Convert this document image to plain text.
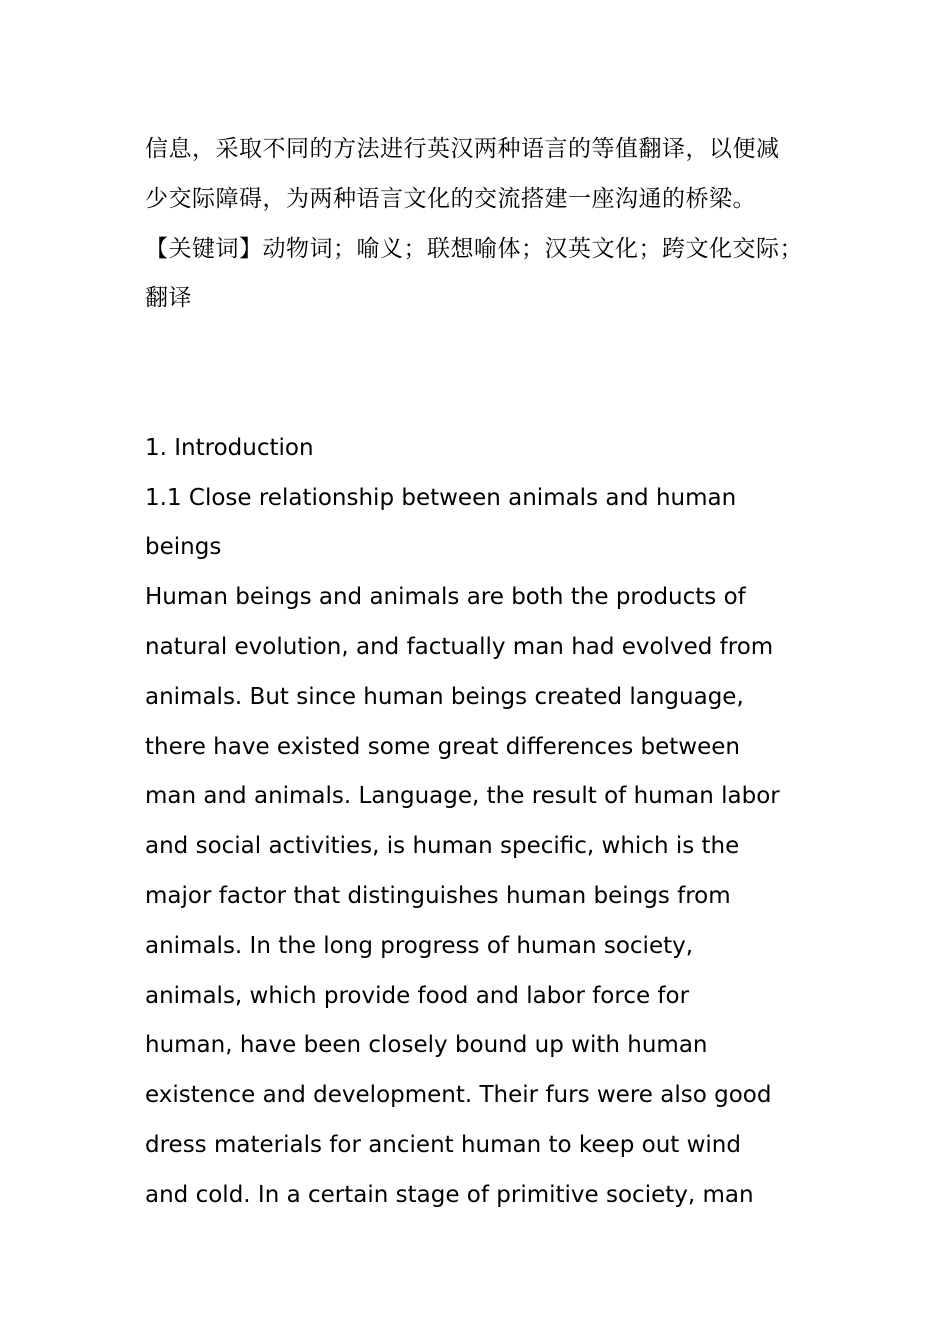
信息，采取不同的方法进行英汉两种语言的等值翻译，以便减
少交际障碍，为两种语言文化的交流搭建一座沟通的桥梁。

【关键词】动物词；喻义；联想喻体；汉英文化；跨文化交际；
翻译

1. Introduction

1.1 Close relationship between animals and human
beings

Human beings and animals are both the products of
natural evolution, and factually man had evolved from
animals. But since human beings created language,
there have existed some great differences between
man and animals. Language, the result of human labor
and social activities, is human specific, which is the
major factor that distinguishes human beings from
animals. In the long progress of human society,
animals, which provide food and labor force for
human, have been closely bound up with human
existence and development. Their furs were also good
dress materials for ancient human to keep out wind
and cold. In a certain stage of primitive society, man
